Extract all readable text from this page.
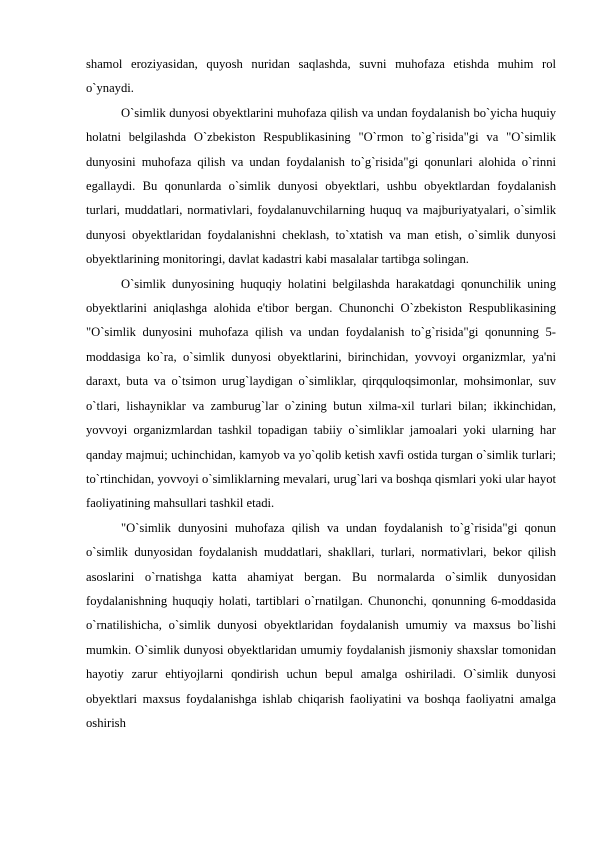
shamol eroziyasidan, quyosh nuridan saqlashda, suvni muhofaza etishda muhim rol o`ynaydi.

O`simlik dunyosi obyektlarini muhofaza qilish va undan foydalanish bo`yicha huquiy holatni belgilashda O`zbekiston Respublikasining "O`rmon to`g`risida"gi va "O`simlik dunyosini muhofaza qilish va undan foydalanish to`g`risida"gi qonunlari alohida o`rinni egallaydi. Bu qonunlarda o`simlik dunyosi obyektlari, ushbu obyektlardan foydalanish turlari, muddatlari, normativlari, foydalanuvchilarning huquq va majburiyatyalari, o`simlik dunyosi obyektlaridan foydalanishni cheklash, to`xtatish va man etish, o`simlik dunyosi obyektlarining monitoringi, davlat kadastri kabi masalalar tartibga solingan.

O`simlik dunyosining huquqiy holatini belgilashda harakatdagi qonunchilik uning obyektlarini aniqlashga alohida e'tibor bergan. Chunonchi O`zbekiston Respublikasining "O`simlik dunyosini muhofaza qilish va undan foydalanish to`g`risida"gi qonunning 5-moddasiga ko`ra, o`simlik dunyosi obyektlarini, birinchidan, yovvoyi organizmlar, ya'ni daraxt, buta va o`tsimon urug`laydigan o`simliklar, qirqquloqsimonlar, mohsimonlar, suv o`tlari, lishayniklar va zamburug`lar o`zining butun xilma-xil turlari bilan; ikkinchidan, yovvoyi organizmlardan tashkil topadigan tabiiy o`simliklar jamoalari yoki ularning har qanday majmui; uchinchidan, kamyob va yo`qolib ketish xavfi ostida turgan o`simlik turlari; to`rtinchidan, yovvoyi o`simliklarning mevalari, urug`lari va boshqa qismlari yoki ular hayot faoliyatining mahsullari tashkil etadi.

"O`simlik dunyosini muhofaza qilish va undan foydalanish to`g`risida"gi qonun o`simlik dunyosidan foydalanish muddatlari, shakllari, turlari, normativlari, bekor qilish asoslarini o`rnatishga katta ahamiyat bergan. Bu normalarda o`simlik dunyosidan foydalanishning huquqiy holati, tartiblari o`rnatilgan. Chunonchi, qonunning 6-moddasida o`rnatilishicha, o`simlik dunyosi obyektlaridan foydalanish umumiy va maxsus bo`lishi mumkin. O`simlik dunyosi obyektlaridan umumiy foydalanish jismoniy shaxslar tomonidan hayotiy zarur ehtiyojlarni qondirish uchun bepul amalga oshiriladi. O`simlik dunyosi obyektlari maxsus foydalanishga ishlab chiqarish faoliyatini va boshqa faoliyatni amalga oshirish
